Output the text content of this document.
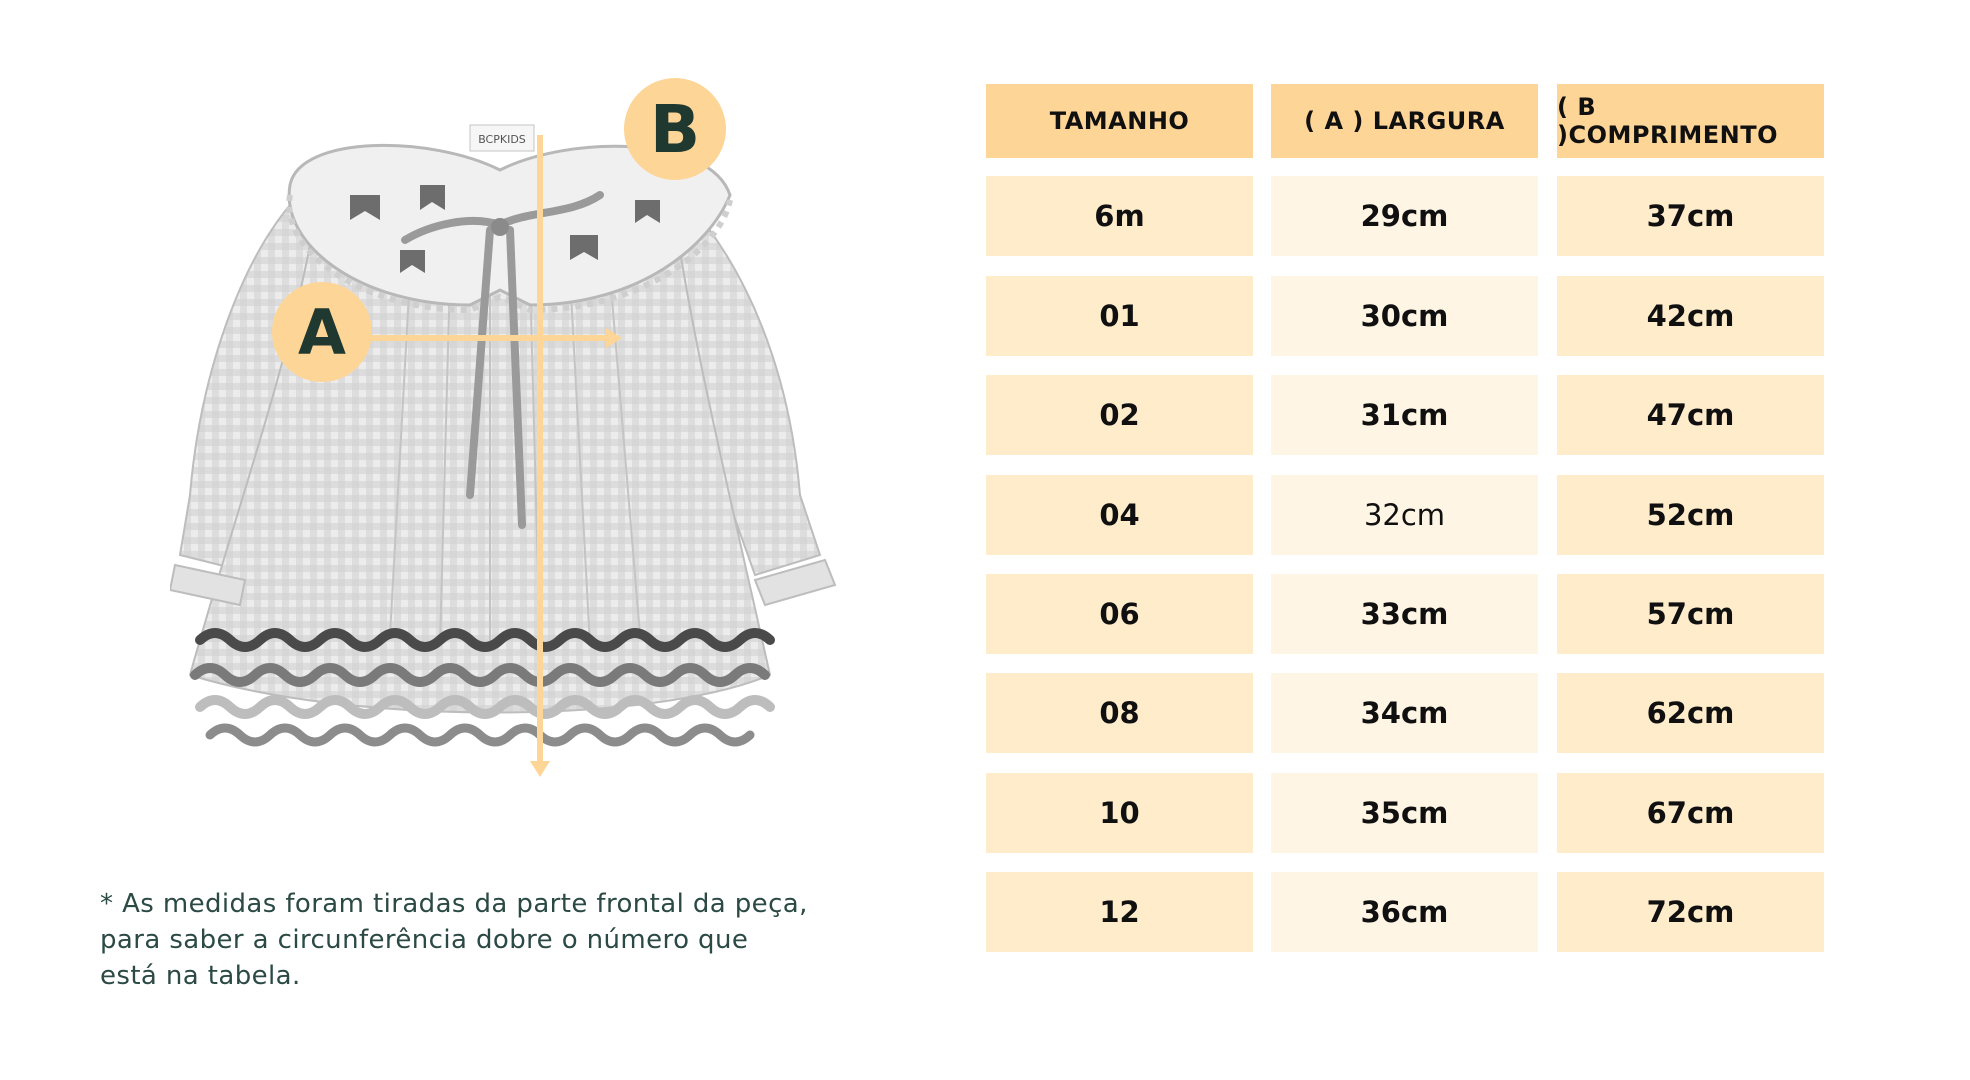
BCPKIDS
A
B	TAMANHO	( A ) LARGURA	( B )COMPRIMENTO
6m	29cm	37cm
01	30cm	42cm
02	31cm	47cm
04	32cm	52cm
06	33cm	57cm
08	34cm	62cm
10	35cm	67cm
12	36cm	72cm
* As medidas foram tiradas da parte frontal da peça,
para saber a circunferência dobre o número que
está na tabela.
